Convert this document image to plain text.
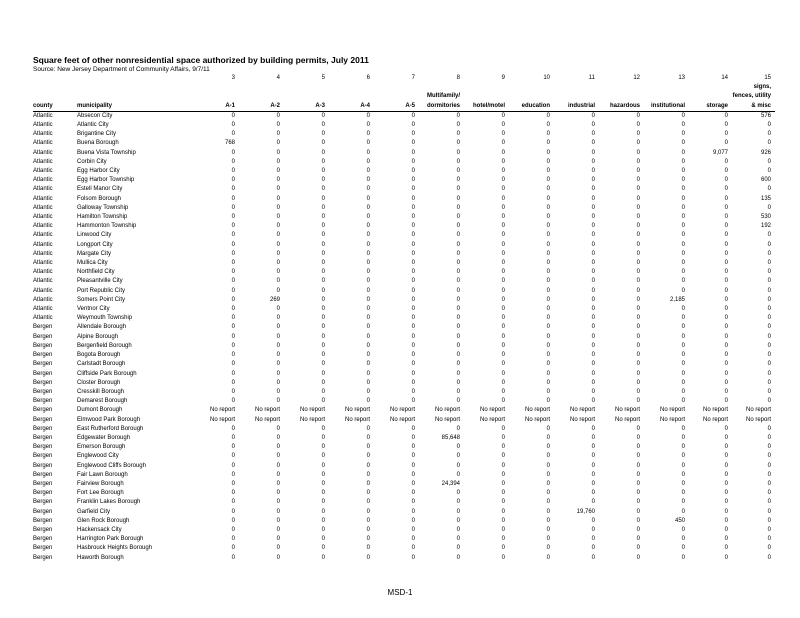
Square feet of other nonresidential space authorized by building permits, July 2011
Source: New Jersey Department of Community Affairs, 9/7/11
		3	4	5	6	7	8	9	10	11	12	13	14	15
county	municipality	A-1	A-2	A-3	A-4	A-5	Multifamily/ dormitories	hotel/motel	education	industrial	hazardous	institutional	storage	signs, fences, utility & misc
Atlantic	Absecon City	0	0	0	0	0	0	0	0	0	0	0	0	576
Atlantic	Atlantic City	0	0	0	0	0	0	0	0	0	0	0	0	0
Atlantic	Brigantine City	0	0	0	0	0	0	0	0	0	0	0	0	0
Atlantic	Buena Borough	768	0	0	0	0	0	0	0	0	0	0	0	0
Atlantic	Buena Vista Township	0	0	0	0	0	0	0	0	0	0	0	9,077	926
Atlantic	Corbin City	0	0	0	0	0	0	0	0	0	0	0	0	0
Atlantic	Egg Harbor City	0	0	0	0	0	0	0	0	0	0	0	0	0
Atlantic	Egg Harbor Township	0	0	0	0	0	0	0	0	0	0	0	0	600
Atlantic	Estell Manor City	0	0	0	0	0	0	0	0	0	0	0	0	0
Atlantic	Folsom Borough	0	0	0	0	0	0	0	0	0	0	0	0	135
Atlantic	Galloway Township	0	0	0	0	0	0	0	0	0	0	0	0	0
Atlantic	Hamilton Township	0	0	0	0	0	0	0	0	0	0	0	0	530
Atlantic	Hammonton Township	0	0	0	0	0	0	0	0	0	0	0	0	192
Atlantic	Linwood City	0	0	0	0	0	0	0	0	0	0	0	0	0
Atlantic	Longport City	0	0	0	0	0	0	0	0	0	0	0	0	0
Atlantic	Margate City	0	0	0	0	0	0	0	0	0	0	0	0	0
Atlantic	Mullica City	0	0	0	0	0	0	0	0	0	0	0	0	0
Atlantic	Northfield City	0	0	0	0	0	0	0	0	0	0	0	0	0
Atlantic	Pleasantville City	0	0	0	0	0	0	0	0	0	0	0	0	0
Atlantic	Port Republic City	0	0	0	0	0	0	0	0	0	0	0	0	0
Atlantic	Somers Point City	0	269	0	0	0	0	0	0	0	0	2,185	0	0
Atlantic	Ventnor City	0	0	0	0	0	0	0	0	0	0	0	0	0
Atlantic	Weymouth Township	0	0	0	0	0	0	0	0	0	0	0	0	0
Bergen	Allendale Borough	0	0	0	0	0	0	0	0	0	0	0	0	0
Bergen	Alpine Borough	0	0	0	0	0	0	0	0	0	0	0	0	0
Bergen	Bergenfield Borough	0	0	0	0	0	0	0	0	0	0	0	0	0
Bergen	Bogota Borough	0	0	0	0	0	0	0	0	0	0	0	0	0
Bergen	Carlstadt Borough	0	0	0	0	0	0	0	0	0	0	0	0	0
Bergen	Cliffside Park Borough	0	0	0	0	0	0	0	0	0	0	0	0	0
Bergen	Closter Borough	0	0	0	0	0	0	0	0	0	0	0	0	0
Bergen	Cresskill Borough	0	0	0	0	0	0	0	0	0	0	0	0	0
Bergen	Demarest Borough	0	0	0	0	0	0	0	0	0	0	0	0	0
Bergen	Dumont Borough	No report	No report	No report	No report	No report	No report	No report	No report	No report	No report	No report	No report	No report
Bergen	Elmwood Park Borough	No report	No report	No report	No report	No report	No report	No report	No report	No report	No report	No report	No report	No report
Bergen	East Rutherford Borough	0	0	0	0	0	0	0	0	0	0	0	0	0
Bergen	Edgewater Borough	0	0	0	0	0	85,648	0	0	0	0	0	0	0
Bergen	Emerson Borough	0	0	0	0	0	0	0	0	0	0	0	0	0
Bergen	Englewood City	0	0	0	0	0	0	0	0	0	0	0	0	0
Bergen	Englewood Cliffs Borough	0	0	0	0	0	0	0	0	0	0	0	0	0
Bergen	Fair Lawn Borough	0	0	0	0	0	0	0	0	0	0	0	0	0
Bergen	Fairview Borough	0	0	0	0	0	24,394	0	0	0	0	0	0	0
Bergen	Fort Lee Borough	0	0	0	0	0	0	0	0	0	0	0	0	0
Bergen	Franklin Lakes Borough	0	0	0	0	0	0	0	0	0	0	0	0	0
Bergen	Garfield City	0	0	0	0	0	0	0	0	19,760	0	0	0	0
Bergen	Glen Rock Borough	0	0	0	0	0	0	0	0	0	0	450	0	0
Bergen	Hackensack City	0	0	0	0	0	0	0	0	0	0	0	0	0
Bergen	Harrington Park Borough	0	0	0	0	0	0	0	0	0	0	0	0	0
Bergen	Hasbrouck Heights Borough	0	0	0	0	0	0	0	0	0	0	0	0	0
Bergen	Haworth Borough	0	0	0	0	0	0	0	0	0	0	0	0	0
MSD-1
